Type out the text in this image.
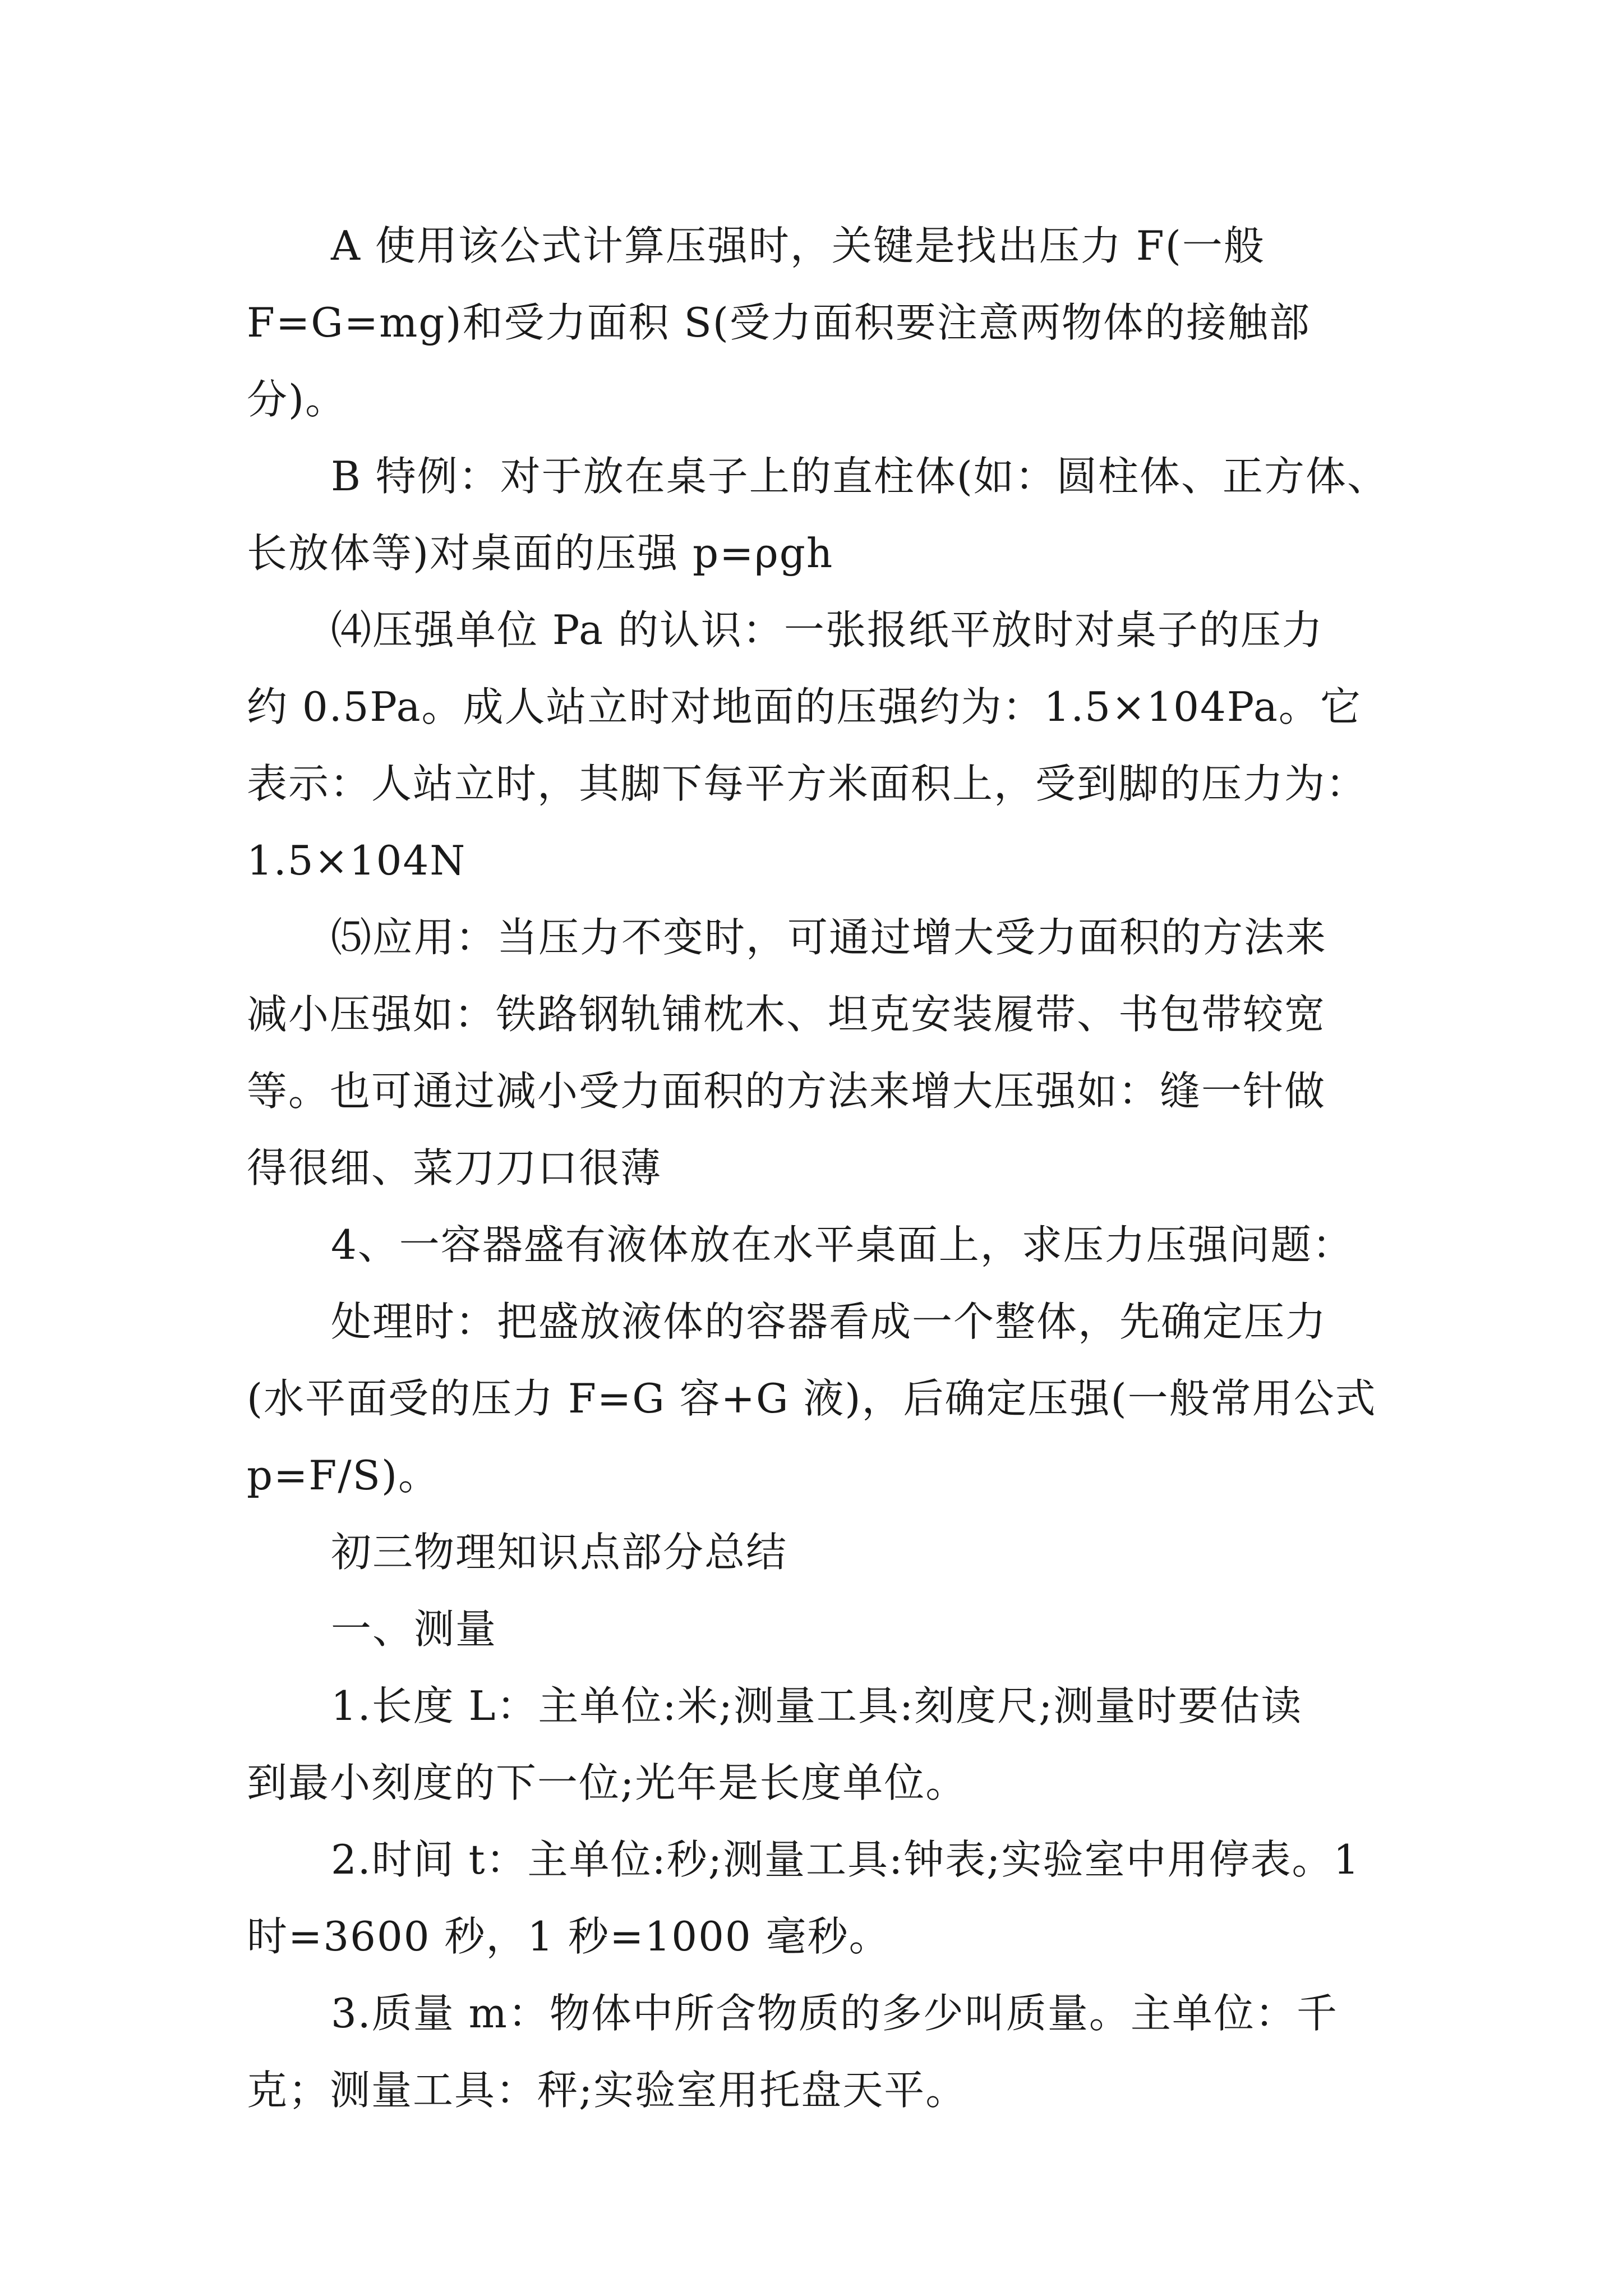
A 使用该公式计算压强时，关键是找出压力 F(一般

F=G=mg)和受力面积 S(受力面积要注意两物体的接触部分)。

B 特例：对于放在桌子上的直柱体(如：圆柱体、正方体、

长放体等)对桌面的压强 p=ρgh

⑷压强单位 Pa 的认识：一张报纸平放时对桌子的压力

约 0.5Pa。成人站立时对地面的压强约为：1.5×104Pa。它

表示：人站立时，其脚下每平方米面积上，受到脚的压力为：

1.5×104N

⑸应用：当压力不变时，可通过增大受力面积的方法来

减小压强如：铁路钢轨铺枕木、坦克安装履带、书包带较宽

等。也可通过减小受力面积的方法来增大压强如：缝一针做

得很细、菜刀刀口很薄

4、一容器盛有液体放在水平桌面上，求压力压强问题：

处理时：把盛放液体的容器看成一个整体，先确定压力

(水平面受的压力 F=G 容+G 液)，后确定压强(一般常用公式

p=F/S)。

初三物理知识点部分总结

一、测量

1.长度 L：主单位:米;测量工具:刻度尺;测量时要估读

到最小刻度的下一位;光年是长度单位。

2.时间 t：主单位:秒;测量工具:钟表;实验室中用停表。1

时=3600 秒，1 秒=1000 毫秒。

3.质量 m：物体中所含物质的多少叫质量。主单位：千

克；测量工具：秤;实验室用托盘天平。
